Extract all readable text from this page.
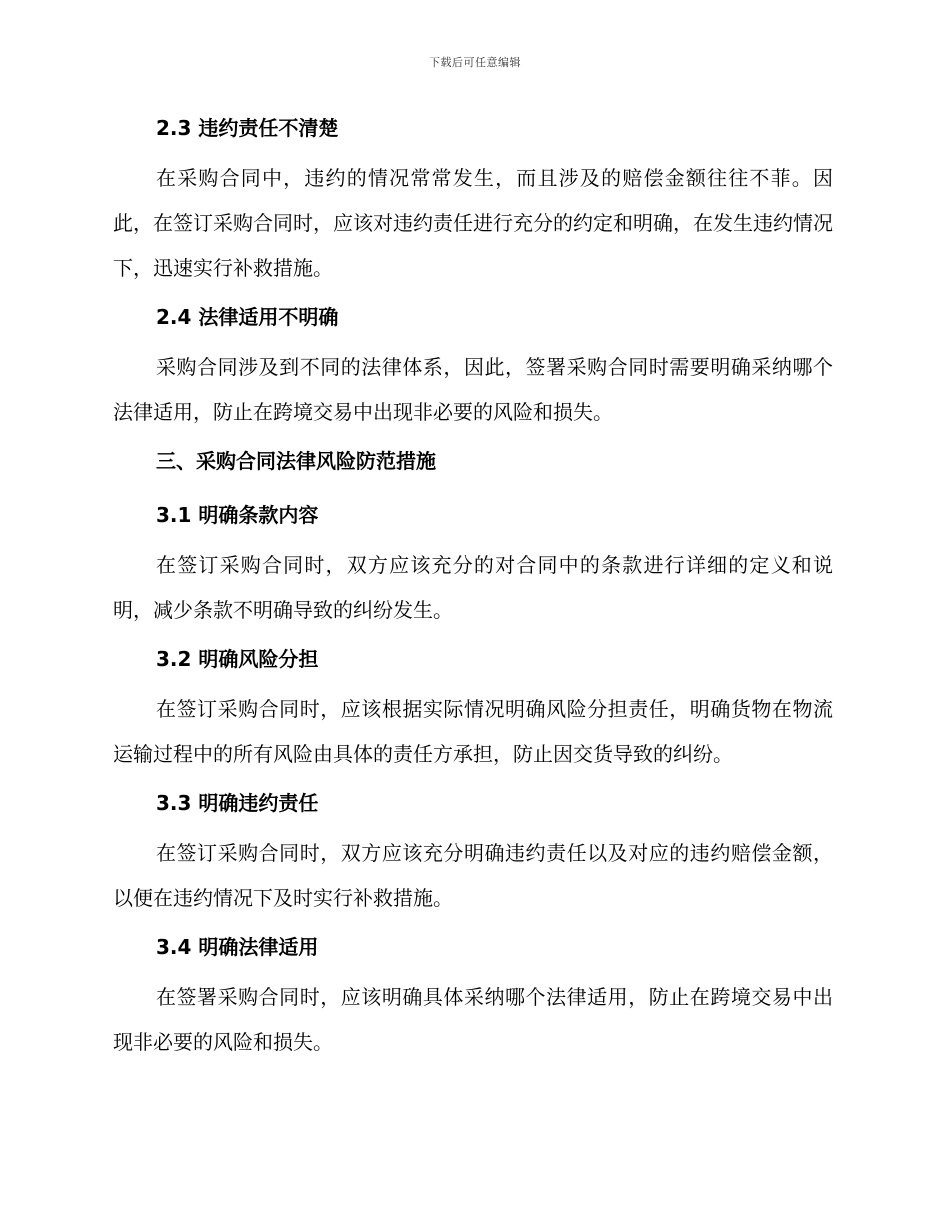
下载后可任意编辑
2.3 违约责任不清楚
在采购合同中，违约的情况常常发生，而且涉及的赔偿金额往往不菲。因此，在签订采购合同时，应该对违约责任进行充分的约定和明确，在发生违约情况下，迅速实行补救措施。
2.4 法律适用不明确
采购合同涉及到不同的法律体系，因此，签署采购合同时需要明确采纳哪个法律适用，防止在跨境交易中出现非必要的风险和损失。
三、采购合同法律风险防范措施
3.1 明确条款内容
在签订采购合同时，双方应该充分的对合同中的条款进行详细的定义和说明，减少条款不明确导致的纠纷发生。
3.2 明确风险分担
在签订采购合同时，应该根据实际情况明确风险分担责任，明确货物在物流运输过程中的所有风险由具体的责任方承担，防止因交货导致的纠纷。
3.3 明确违约责任
在签订采购合同时，双方应该充分明确违约责任以及对应的违约赔偿金额，以便在违约情况下及时实行补救措施。
3.4 明确法律适用
在签署采购合同时，应该明确具体采纳哪个法律适用，防止在跨境交易中出现非必要的风险和损失。
